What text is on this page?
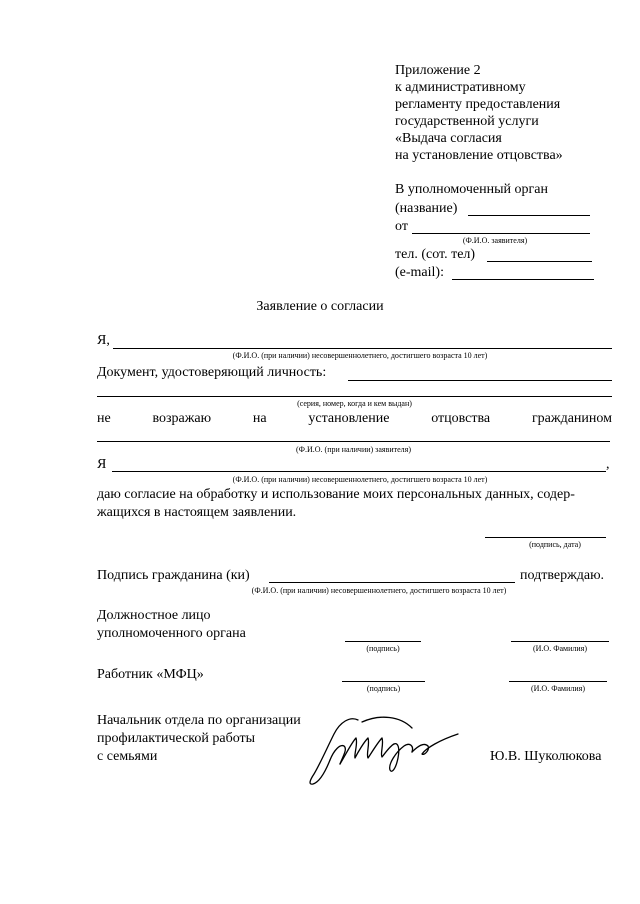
Приложение 2
к административному
регламенту предоставления
государственной услуги
«Выдача согласия
на установление отцовства»
В уполномоченный орган
(название)
от
(Ф.И.О. заявителя)
тел. (сот. тел)
(e-mail):
Заявление о согласии
Я,
(Ф.И.О. (при наличии) несовершеннолетнего, достигшего возраста 10 лет)
Документ, удостоверяющий личность:
(серия, номер, когда и кем выдан)
не	возражаю	на	установление	отцовства	гражданином
(Ф.И.О. (при наличии) заявителя)
Я	,
(Ф.И.О. (при наличии) несовершеннолетнего, достигшего возраста 10 лет)
даю согласие на обработку и использование моих персональных данных, содер-
жащихся в настоящем заявлении.
(подпись, дата)
Подпись гражданина (ки)	подтверждаю.
(Ф.И.О. (при наличии) несовершеннолетнего, достигшего возраста 10 лет)
Должностное лицо
уполномоченного органа
(подпись)	(И.О. Фамилия)
Работник «МФЦ»
(подпись)	(И.О. Фамилия)
Начальник отдела по организации
профилактической работы
с семьями	Ю.В. Шуколюкова
